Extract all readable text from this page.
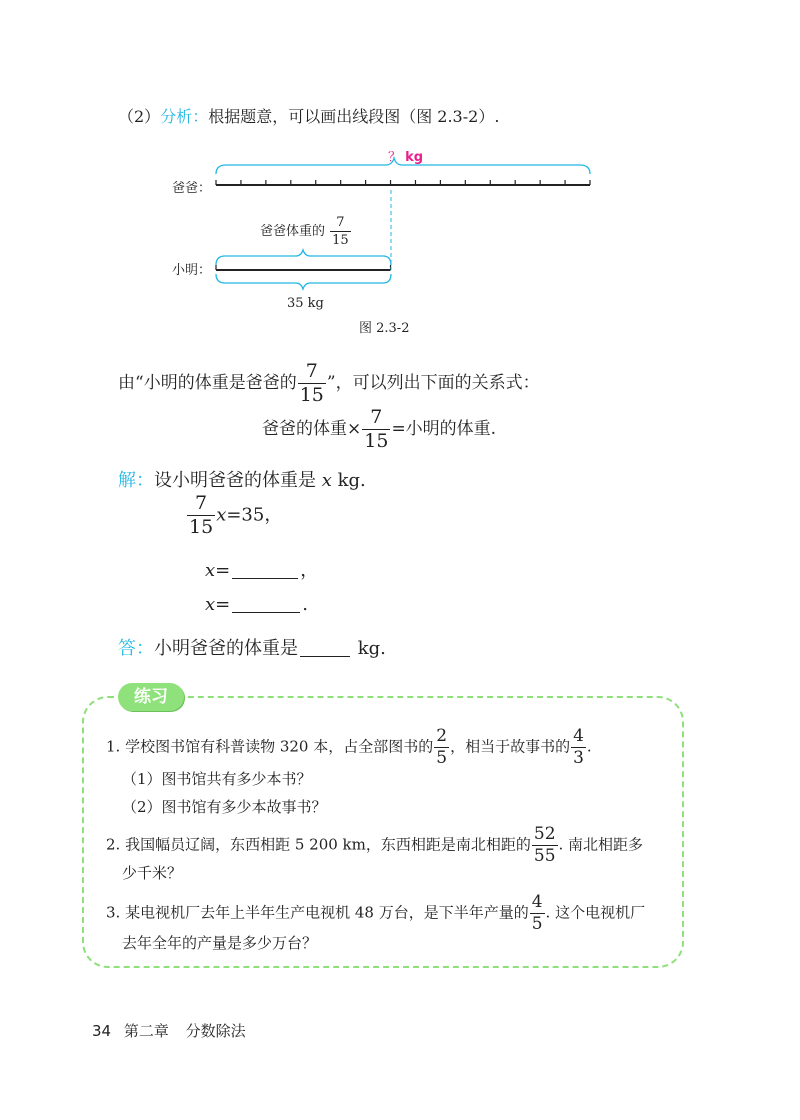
（2）分析：根据题意，可以画出线段图（图 2.3-2）.
？ kg
爸爸：
小明：
爸爸体重的 $\frac{7}{15}$
35 kg
图 2.3-2
由“小明的体重是爸爸的 $\frac{7}{15}$ ”，可以列出下面的关系式：
爸爸的体重× $\frac{7}{15}$ =小明的体重.
解：设小明爸爸的体重是 x kg.
$\frac{7}{15} x=35$，
x=	，
x=	.
答：小明爸爸的体重是	kg.
练习
1. 学校图书馆有科普读物 320 本，占全部图书的 $\frac{2}{5}$ ，相当于故事书的 $\frac{4}{3}$ .
（1）图书馆共有多少本书？
（2）图书馆有多少本故事书？
2. 我国幅员辽阔，东西相距 5 200 km，东西相距是南北相距的 $\frac{52}{55}$ . 南北相距多
少千米？
3. 某电视机厂去年上半年生产电视机 48 万台，是下半年产量的 $\frac{4}{5}$ . 这个电视机厂
去年全年的产量是多少万台？
34 第二章 分数除法
